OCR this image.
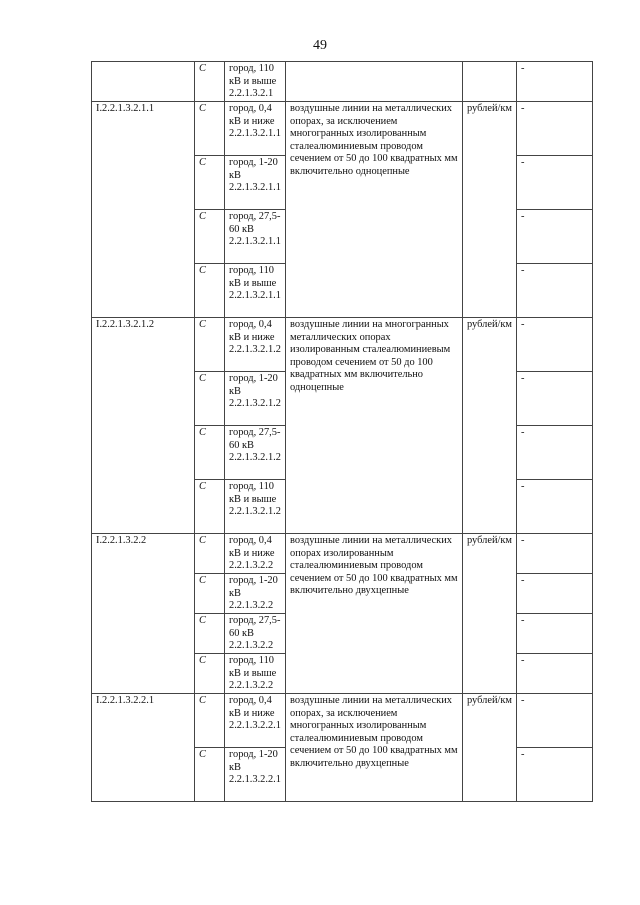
49
	С	город, 110 кВ и выше 2.2.1.3.2.1			-
I.2.2.1.3.2.1.1	С	город, 0,4 кВ и ниже 2.2.1.3.2.1.1	воздушные линии на металлических опорах, за исключением многогранных изолированным сталеалюминиевым проводом сечением от 50 до 100 квадратных мм включительно одноцепные	рублей/км	-
	С	город, 1-20 кВ 2.2.1.3.2.1.1			-
	С	город, 27,5-60 кВ 2.2.1.3.2.1.1			-
	С	город, 110 кВ и выше 2.2.1.3.2.1.1			-
I.2.2.1.3.2.1.2	С	город, 0,4 кВ и ниже 2.2.1.3.2.1.2	воздушные линии на многогранных металлических опорах изолированным сталеалюминиевым проводом сечением от 50 до 100 квадратных мм включительно одноцепные	рублей/км	-
	С	город, 1-20 кВ 2.2.1.3.2.1.2			-
	С	город, 27,5-60 кВ 2.2.1.3.2.1.2			-
	С	город, 110 кВ и выше 2.2.1.3.2.1.2			-
I.2.2.1.3.2.2	С	город, 0,4 кВ и ниже 2.2.1.3.2.2	воздушные линии на металлических опорах изолированным сталеалюминиевым проводом сечением от 50 до 100 квадратных мм включительно двухцепные	рублей/км	-
	С	город, 1-20 кВ 2.2.1.3.2.2			-
	С	город, 27,5-60 кВ 2.2.1.3.2.2			-
	С	город, 110 кВ и выше 2.2.1.3.2.2			-
I.2.2.1.3.2.2.1	С	город, 0,4 кВ и ниже 2.2.1.3.2.2.1	воздушные линии на металлических опорах, за исключением многогранных изолированным сталеалюминиевым проводом сечением от 50 до 100 квадратных мм включительно двухцепные	рублей/км	-
	С	город, 1-20 кВ 2.2.1.3.2.2.1			-
